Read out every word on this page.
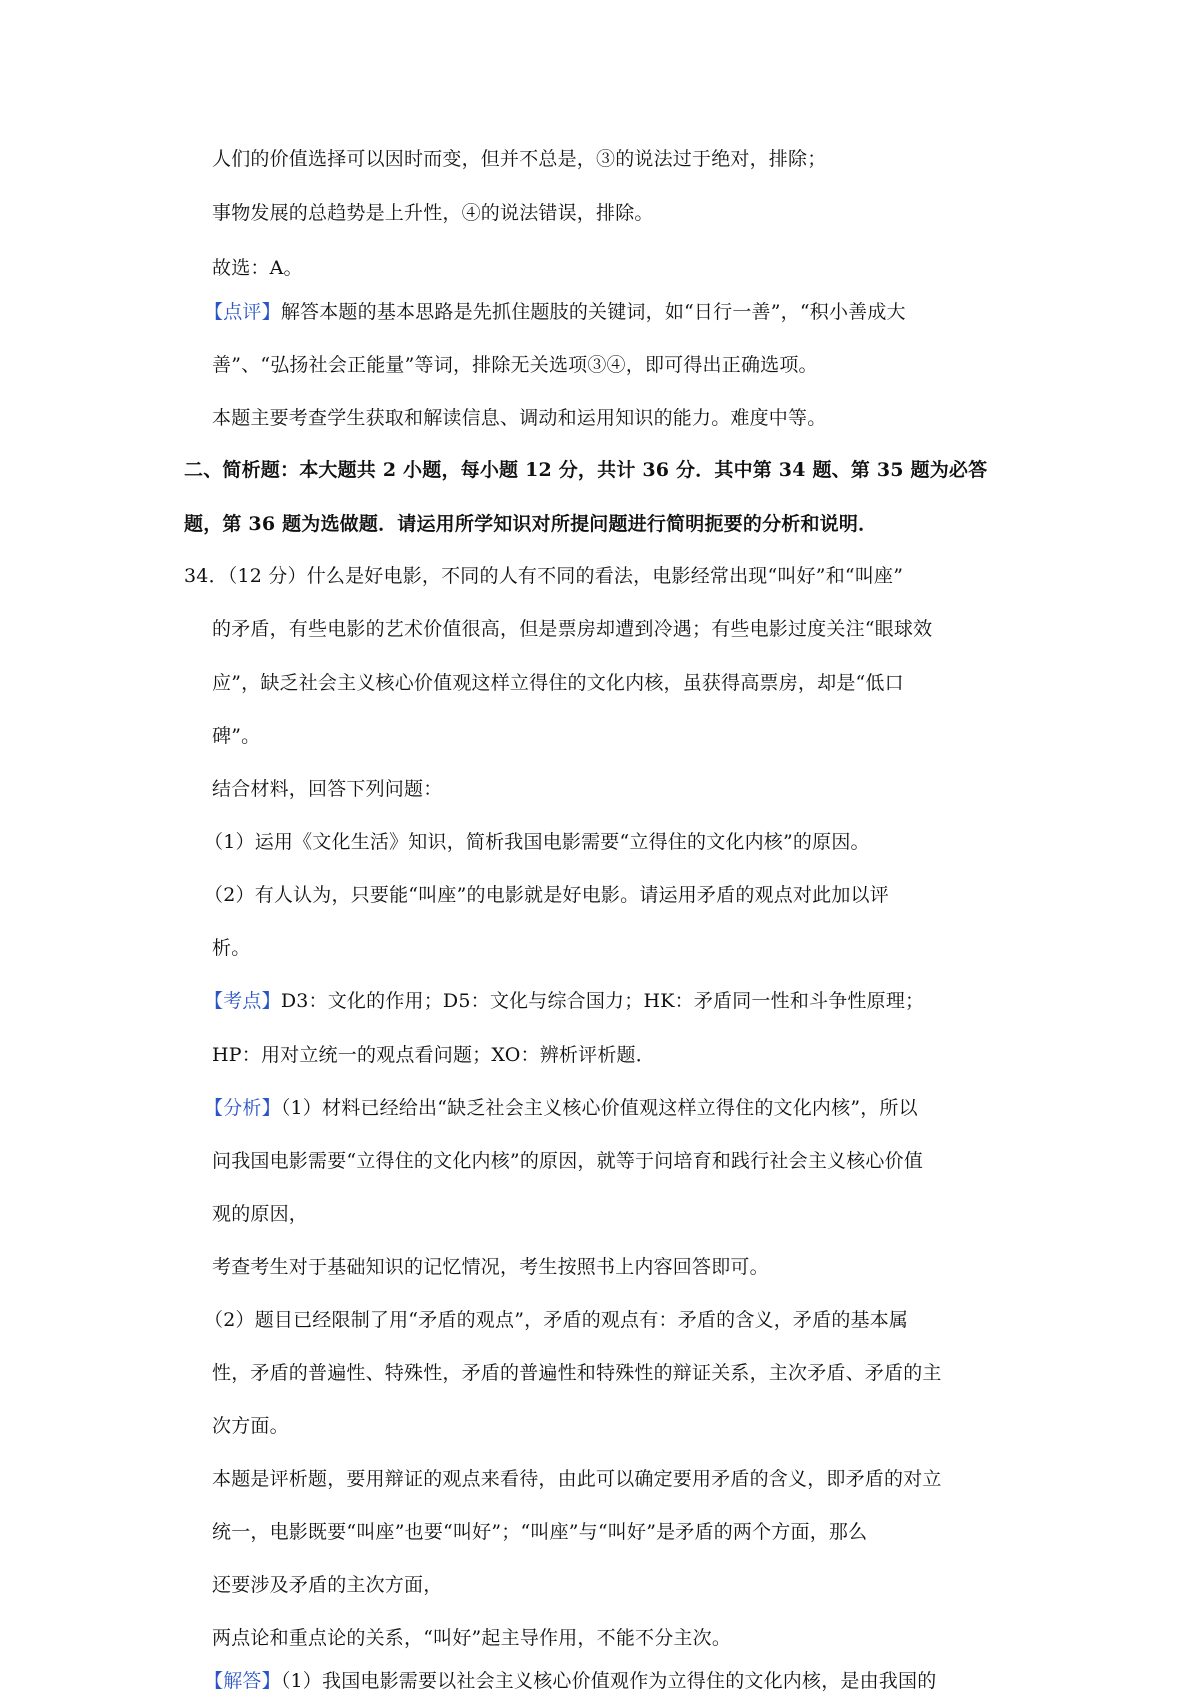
人们的价值选择可以因时而变，但并不总是，③的说法过于绝对，排除；
事物发展的总趋势是上升性，④的说法错误，排除。
故选：A。
【点评】解答本题的基本思路是先抓住题肢的关键词，如“日行一善”，“积小善成大
善”、“弘扬社会正能量”等词，排除无关选项③④，即可得出正确选项。
本题主要考查学生获取和解读信息、调动和运用知识的能力。难度中等。
二、简析题：本大题共 2 小题，每小题 12 分，共计 36 分．其中第 34 题、第 35 题为必答
题，第 36 题为选做题．请运用所学知识对所提问题进行简明扼要的分析和说明．
34．（12 分）什么是好电影，不同的人有不同的看法，电影经常出现“叫好”和“叫座”
的矛盾，有些电影的艺术价值很高，但是票房却遭到冷遇；有些电影过度关注“眼球效
应”，缺乏社会主义核心价值观这样立得住的文化内核，虽获得高票房，却是“低口
碑”。
结合材料，回答下列问题：
（1）运用《文化生活》知识，简析我国电影需要“立得住的文化内核”的原因。
（2）有人认为，只要能“叫座”的电影就是好电影。请运用矛盾的观点对此加以评
析。
【考点】D3：文化的作用；D5：文化与综合国力；HK：矛盾同一性和斗争性原理；
HP：用对立统一的观点看问题；XO：辨析评析题．
【分析】（1）材料已经给出“缺乏社会主义核心价值观这样立得住的文化内核”，所以
问我国电影需要“立得住的文化内核”的原因，就等于问培育和践行社会主义核心价值
观的原因，
考查考生对于基础知识的记忆情况，考生按照书上内容回答即可。
（2）题目已经限制了用“矛盾的观点”，矛盾的观点有：矛盾的含义，矛盾的基本属
性，矛盾的普遍性、特殊性，矛盾的普遍性和特殊性的辩证关系，主次矛盾、矛盾的主
次方面。
本题是评析题，要用辩证的观点来看待，由此可以确定要用矛盾的含义，即矛盾的对立
统一，电影既要“叫座”也要“叫好”；“叫座”与“叫好”是矛盾的两个方面，那么
还要涉及矛盾的主次方面，
两点论和重点论的关系，“叫好”起主导作用，不能不分主次。
【解答】（1）我国电影需要以社会主义核心价值观作为立得住的文化内核，是由我国的
